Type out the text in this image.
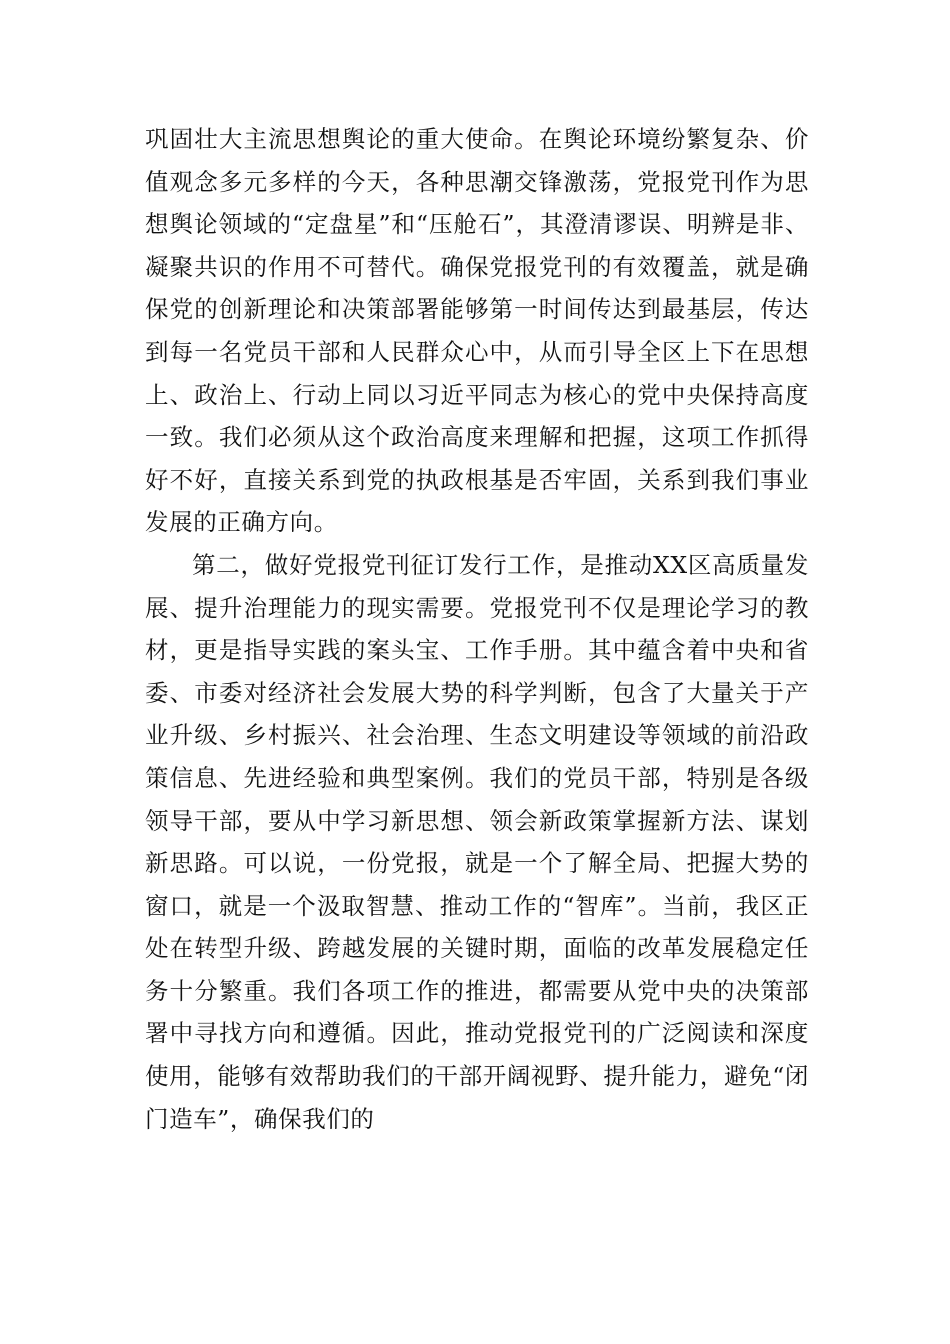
巩固壮大主流思想舆论的重大使命。在舆论环境纷繁复杂、价值观念多元多样的今天，各种思潮交锋激荡，党报党刊作为思想舆论领域的“定盘星”和“压舱石”，其澄清谬误、明辨是非、凝聚共识的作用不可替代。确保党报党刊的有效覆盖，就是确保党的创新理论和决策部署能够第一时间传达到最基层，传达到每一名党员干部和人民群众心中，从而引导全区上下在思想上、政治上、行动上同以习近平同志为核心的党中央保持高度一致。我们必须从这个政治高度来理解和把握，这项工作抓得好不好，直接关系到党的执政根基是否牢固，关系到我们事业发展的正确方向。

第二，做好党报党刊征订发行工作，是推动XX区高质量发展、提升治理能力的现实需要。党报党刊不仅是理论学习的教材，更是指导实践的案头宝、工作手册。其中蕴含着中央和省委、市委对经济社会发展大势的科学判断，包含了大量关于产业升级、乡村振兴、社会治理、生态文明建设等领域的前沿政策信息、先进经验和典型案例。我们的党员干部，特别是各级领导干部，要从中学习新思想、领会新政策掌握新方法、谋划新思路。可以说，一份党报，就是一个了解全局、把握大势的窗口，就是一个汲取智慧、推动工作的“智库”。当前，我区正处在转型升级、跨越发展的关键时期，面临的改革发展稳定任务十分繁重。我们各项工作的推进，都需要从党中央的决策部署中寻找方向和遵循。因此，推动党报党刊的广泛阅读和深度使用，能够有效帮助我们的干部开阔视野、提升能力，避免“闭门造车”，确保我们的
